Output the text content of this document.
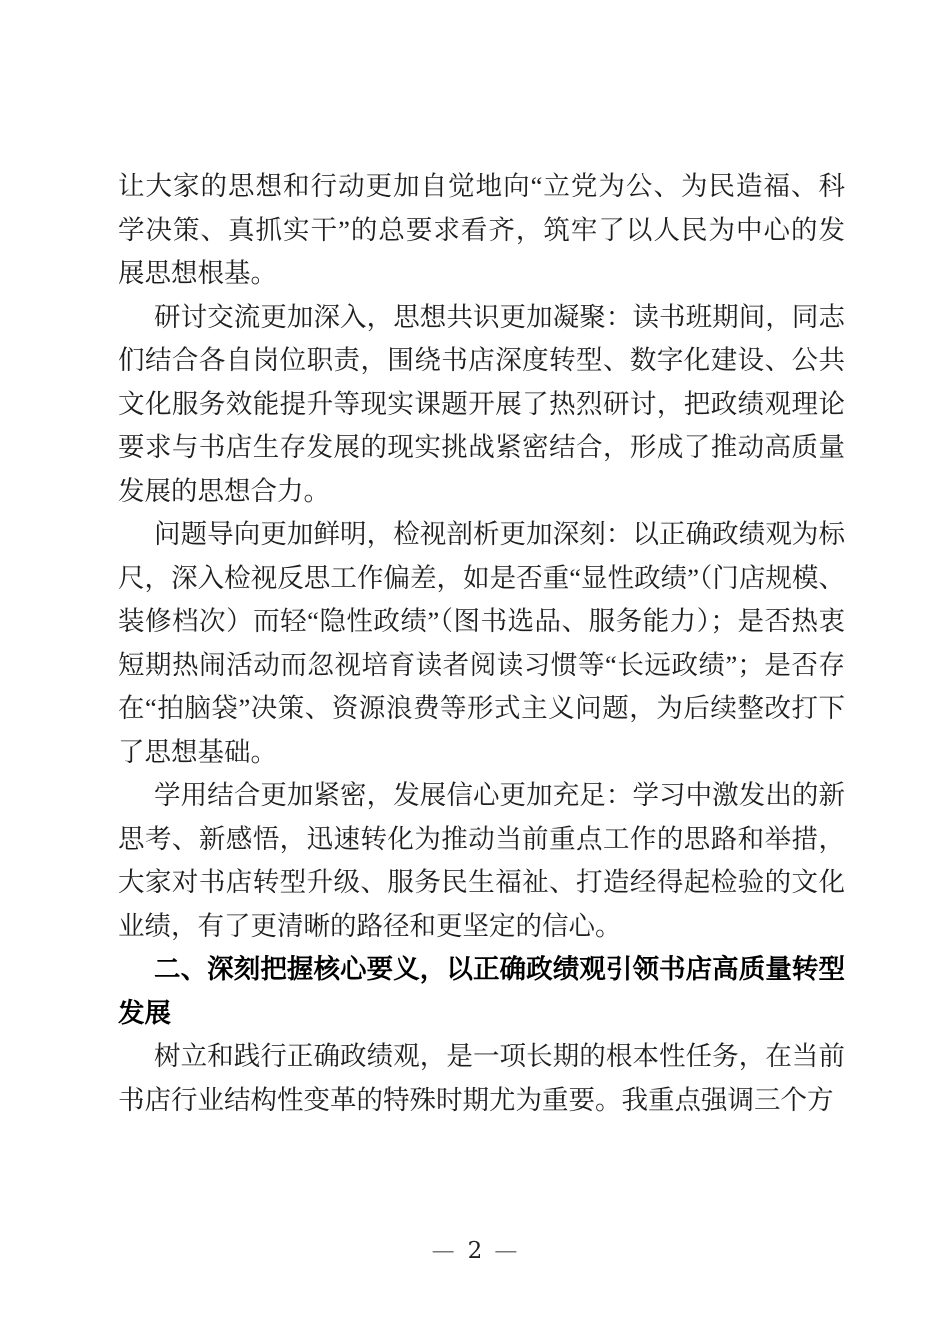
让大家的思想和行动更加自觉地向“立党为公、为民造福、科学决策、真抓实干”的总要求看齐，筑牢了以人民为中心的发展思想根基。

研讨交流更加深入，思想共识更加凝聚：读书班期间，同志们结合各自岗位职责，围绕书店深度转型、数字化建设、公共文化服务效能提升等现实课题开展了热烈研讨，把政绩观理论要求与书店生存发展的现实挑战紧密结合，形成了推动高质量发展的思想合力。

问题导向更加鲜明，检视剖析更加深刻：以正确政绩观为标尺，深入检视反思工作偏差，如是否重“显性政绩”（门店规模、装修档次）而轻“隐性政绩”（图书选品、服务能力）；是否热衷短期热闹活动而忽视培育读者阅读习惯等“长远政绩”；是否存在“拍脑袋”决策、资源浪费等形式主义问题，为后续整改打下了思想基础。

学用结合更加紧密，发展信心更加充足：学习中激发出的新思考、新感悟，迅速转化为推动当前重点工作的思路和举措，大家对书店转型升级、服务民生福祉、打造经得起检验的文化业绩，有了更清晰的路径和更坚定的信心。

二、深刻把握核心要义，以正确政绩观引领书店高质量转型发展

树立和践行正确政绩观，是一项长期的根本性任务，在当前书店行业结构性变革的特殊时期尤为重要。我重点强调三个方

— 2 —
